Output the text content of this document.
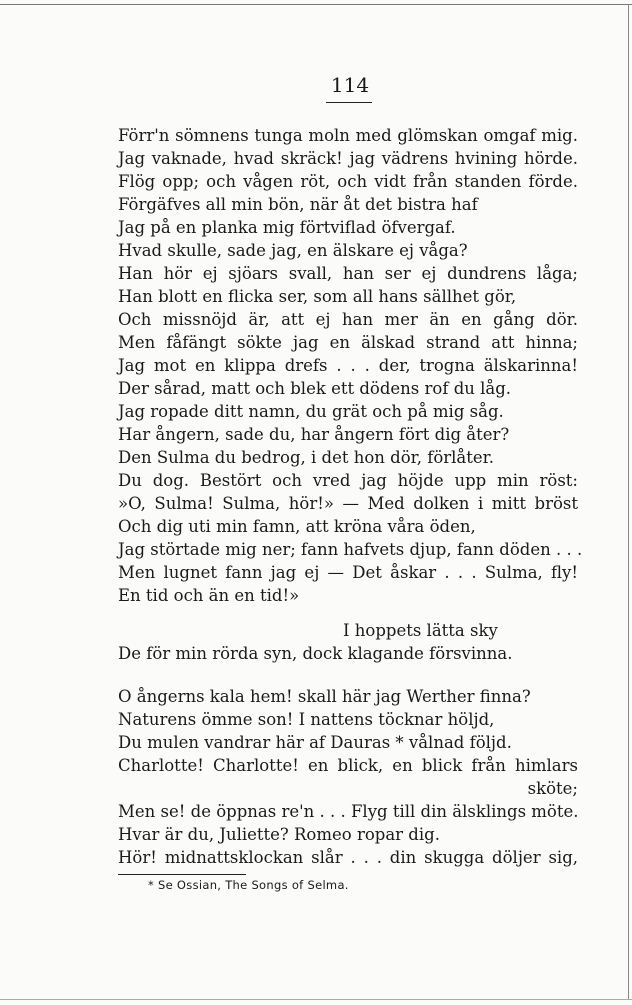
114
Förr'n sömnens tunga moln med glömskan omgaf mig.
Jag vaknade, hvad skräck! jag vädrens hvining hörde.
Flög opp; och vågen röt, och vidt från standen förde.
Förgäfves all min bön, när åt det bistra haf
Jag på en planka mig förtviflad öfvergaf.
Hvad skulle, sade jag, en älskare ej våga?
Han hör ej sjöars svall, han ser ej dundrens låga;
Han blott en flicka ser, som all hans sällhet gör,
Och missnöjd är, att ej han mer än en gång dör.
Men fåfängt sökte jag en älskad strand att hinna;
Jag mot en klippa drefs . . . der, trogna älskarinna!
Der sårad, matt och blek ett dödens rof du låg.
Jag ropade ditt namn, du grät och på mig såg.
Har ångern, sade du, har ångern fört dig åter?
Den Sulma du bedrog, i det hon dör, förlåter.
Du dog. Bestört och vred jag höjde upp min röst:
»O, Sulma! Sulma, hör!» — Med dolken i mitt bröst
Och dig uti min famn, att kröna våra öden,
Jag störtade mig ner; fann hafvets djup, fann döden . . .
Men lugnet fann jag ej — Det åskar . . . Sulma, fly!
En tid och än en tid!»
I hoppets lätta sky
De för min rörda syn, dock klagande försvinna.
O ångerns kala hem! skall här jag Werther finna?
Naturens ömme son! I nattens töcknar höljd,
Du mulen vandrar här af Dauras * vålnad följd.
Charlotte! Charlotte! en blick, en blick från himlars
sköte;
Men se! de öppnas re'n . . . Flyg till din älsklings möte.
Hvar är du, Juliette? Romeo ropar dig.
Hör! midnattsklockan slår . . . din skugga döljer sig,
* Se Ossian, The Songs of Selma.
